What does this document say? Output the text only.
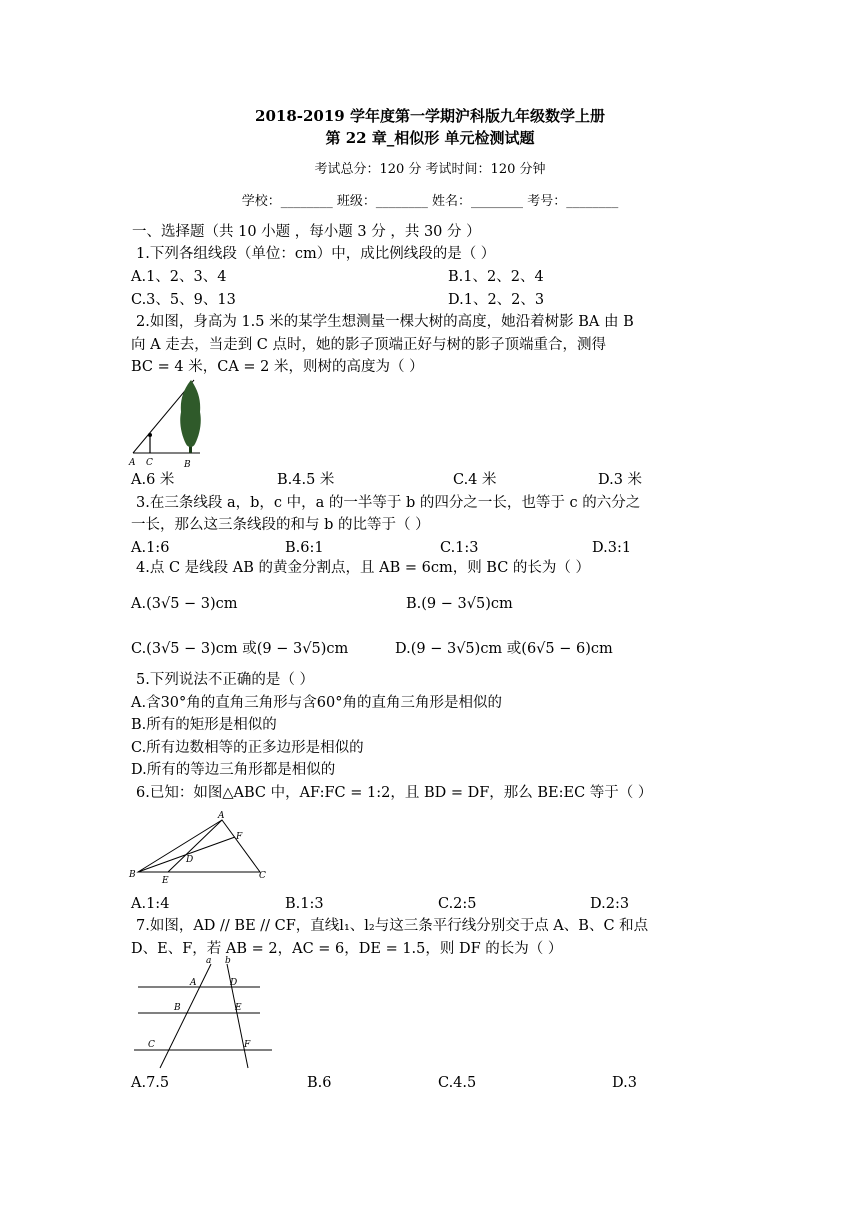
2018-2019 学年度第一学期沪科版九年级数学上册
第 22 章_相似形 单元检测试题
考试总分：120 分 考试时间：120 分钟
学校：________ 班级：________ 姓名：________ 考号：________
一、选择题（共 10 小题 ，每小题 3 分 ，共 30 分 ）
1.下列各组线段（单位：cm）中，成比例线段的是（ ）
A.1、2、3、4	B.1、2、2、4
C.3、5、9、13	D.1、2、2、3
2.如图，身高为 1.5 米的某学生想测量一棵大树的高度，她沿着树影 BA 由 B
向 A 走去，当走到 C 点时，她的影子顶端正好与树的影子顶端重合，测得
BC = 4 米，CA = 2 米，则树的高度为（ ）
A C	B
A.6 米	B.4.5 米	C.4 米	D.3 米
3.在三条线段 a，b，c 中，a 的一半等于 b 的四分之一长，也等于 c 的六分之
一长，那么这三条线段的和与 b 的比等于（ ）
A.1:6	B.6:1	C.1:3	D.3:1
4.点 C 是线段 AB 的黄金分割点，且 AB = 6cm，则 BC 的长为（ ）
A.(3√5 − 3)cm	B.(9 − 3√5)cm
C.(3√5 − 3)cm 或(9 − 3√5)cm	D.(9 − 3√5)cm 或(6√5 − 6)cm
5.下列说法不正确的是（ ）
A.含30°角的直角三角形与含60°角的直角三角形是相似的
B.所有的矩形是相似的
C.所有边数相等的正多边形是相似的
D.所有的等边三角形都是相似的
6.已知：如图△ABC 中，AF:FC = 1:2，且 BD = DF，那么 BE:EC 等于（ ）
A
F
D
B
E	C
A.1:4	B.1:3	C.2:5	D.2:3
7.如图，AD // BE // CF，直线l₁、l₂与这三条平行线分别交于点 A、B、C 和点
D、E、F，若 AB = 2，AC = 6，DE = 1.5，则 DF 的长为（ ）
a b
A	D
B	E
C	F
A.7.5	B.6	C.4.5	D.3
